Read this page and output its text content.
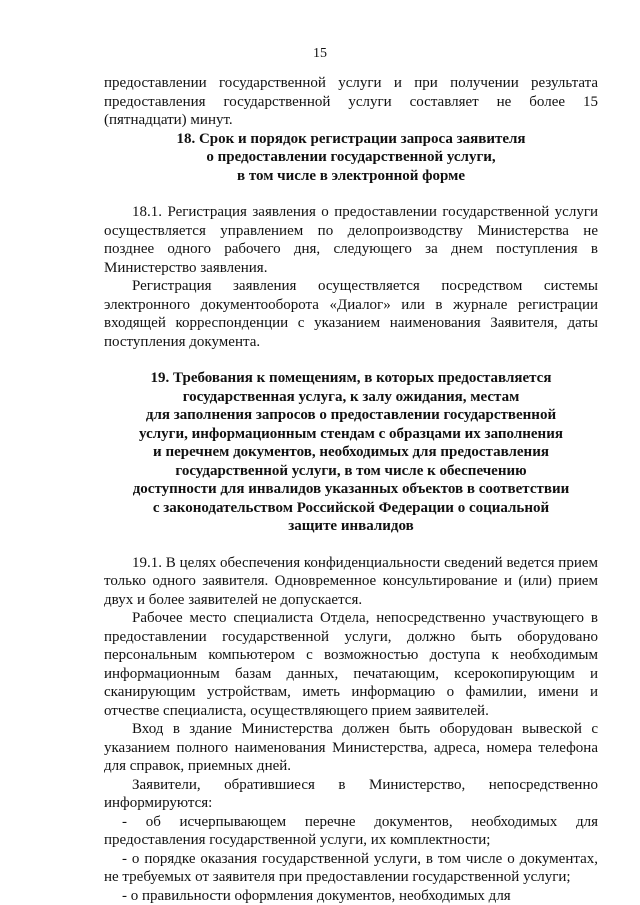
15

предоставлении государственной услуги и при получении результата предоставления государственной услуги составляет не более 15 (пятнадцати) минут.

18. Срок и порядок регистрации запроса заявителя
о предоставлении государственной услуги,
в том числе в электронной форме

18.1. Регистрация заявления о предоставлении государственной услуги осуществляется управлением по делопроизводству Министерства не позднее одного рабочего дня, следующего за днем поступления в Министерство заявления.

Регистрация заявления осуществляется посредством системы электронного документооборота «Диалог» или в журнале регистрации входящей корреспонденции с указанием наименования Заявителя, даты поступления документа.

19. Требования к помещениям, в которых предоставляется
государственная услуга, к залу ожидания, местам
для заполнения запросов о предоставлении государственной
услуги, информационным стендам с образцами их заполнения
и перечнем документов, необходимых для предоставления
государственной услуги, в том числе к обеспечению
доступности для инвалидов указанных объектов в соответствии
с законодательством Российской Федерации о социальной
защите инвалидов

19.1. В целях обеспечения конфиденциальности сведений ведется прием только одного заявителя. Одновременное консультирование и (или) прием двух и более заявителей не допускается.

Рабочее место специалиста Отдела, непосредственно участвующего в предоставлении государственной услуги, должно быть оборудовано персональным компьютером с возможностью доступа к необходимым информационным базам данных, печатающим, ксерокопирующим и сканирующим устройствам, иметь информацию о фамилии, имени и отчестве специалиста, осуществляющего прием заявителей.

Вход в здание Министерства должен быть оборудован вывеской с указанием полного наименования Министерства, адреса, номера телефона для справок, приемных дней.

Заявители, обратившиеся в Министерство, непосредственно информируются:

- об исчерпывающем перечне документов, необходимых для предоставления государственной услуги, их комплектности;

- о порядке оказания государственной услуги, в том числе о документах, не требуемых от заявителя при предоставлении государственной услуги;

- о правильности оформления документов, необходимых для
